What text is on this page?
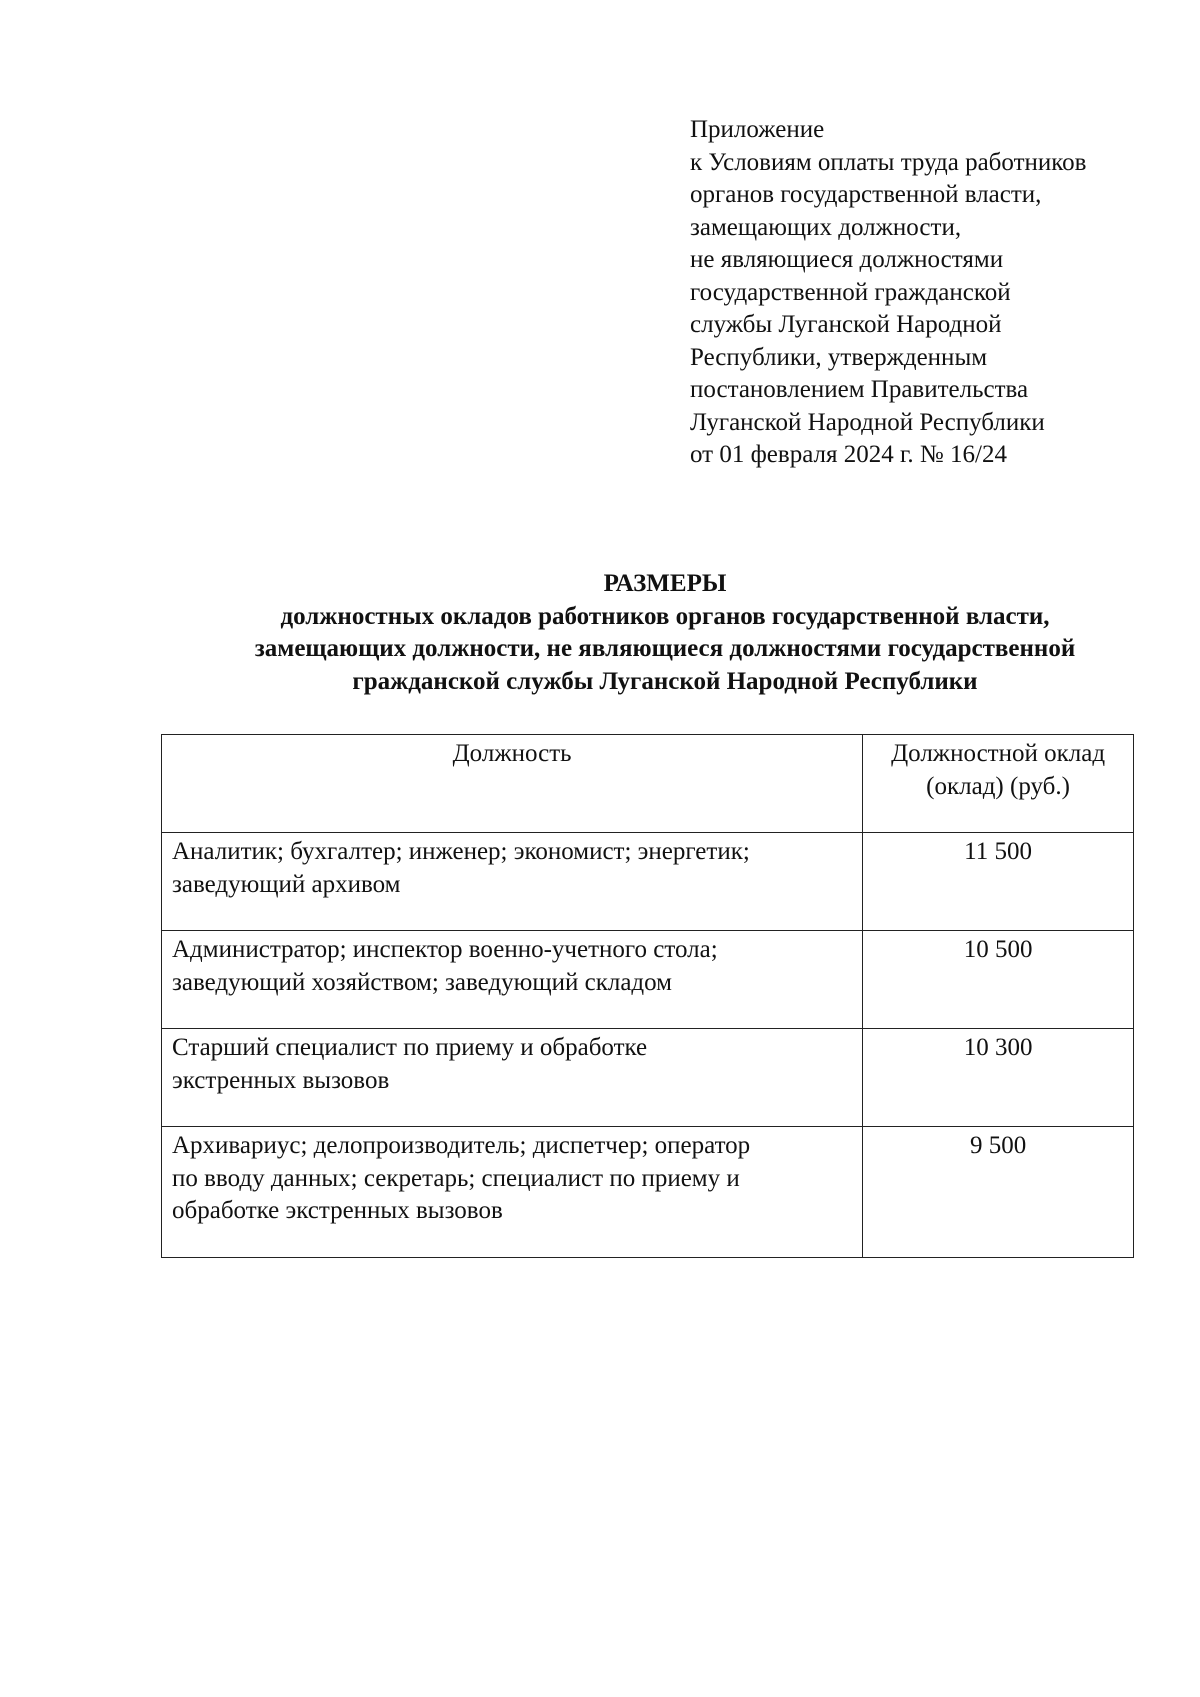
Приложение
к Условиям оплаты труда работников
органов государственной власти,
замещающих должности,
не являющиеся должностями
государственной гражданской
службы Луганской Народной
Республики, утвержденным
постановлением Правительства
Луганской Народной Республики
от 01 февраля 2024 г. № 16/24
РАЗМЕРЫ
должностных окладов работников органов государственной власти,
замещающих должности, не являющиеся должностями государственной
гражданской службы Луганской Народной Республики
Должность	Должностной оклад
(оклад) (руб.)

Аналитик; бухгалтер; инженер; экономист; энергетик;
заведующий архивом	11 500

Администратор; инспектор военно-учетного стола;
заведующий хозяйством; заведующий складом	10 500

Старший специалист по приему и обработке
экстренных вызовов	10 300

Архивариус; делопроизводитель; диспетчер; оператор
по вводу данных; секретарь; специалист по приему и
обработке экстренных вызовов	9 500
